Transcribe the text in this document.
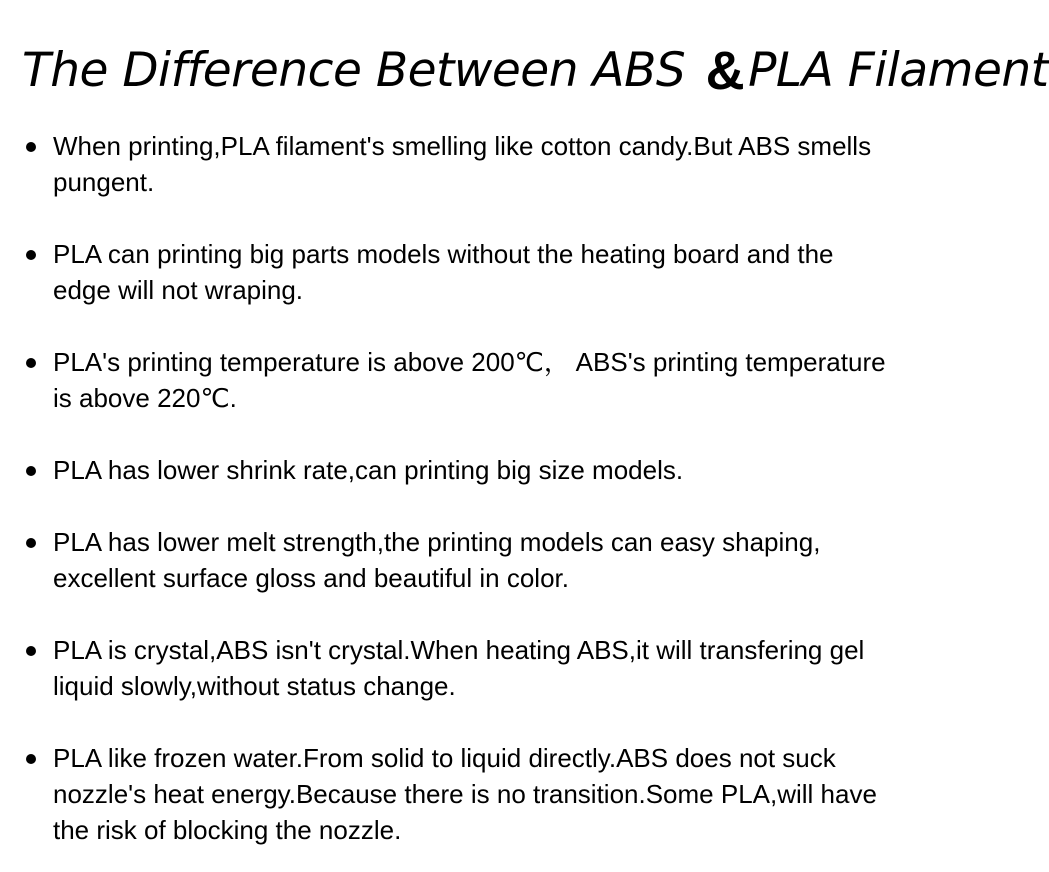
The Difference Between ABS &PLA Filament
When printing,PLA filament's smelling like cotton candy.But ABS smells
pungent.
PLA can printing big parts models without the heating board and the
edge will not wraping.
PLA's printing temperature is above 200℃， ABS's printing temperature
is above 220℃.
PLA has lower shrink rate,can printing big size models.
PLA has lower melt strength,the printing models can easy shaping,
excellent surface gloss and beautiful in color.
PLA is crystal,ABS isn't crystal.When heating ABS,it will transfering gel
liquid slowly,without status change.
PLA like frozen water.From solid to liquid directly.ABS does not suck
nozzle's heat energy.Because there is no transition.Some PLA,will have
the risk of blocking the nozzle.
